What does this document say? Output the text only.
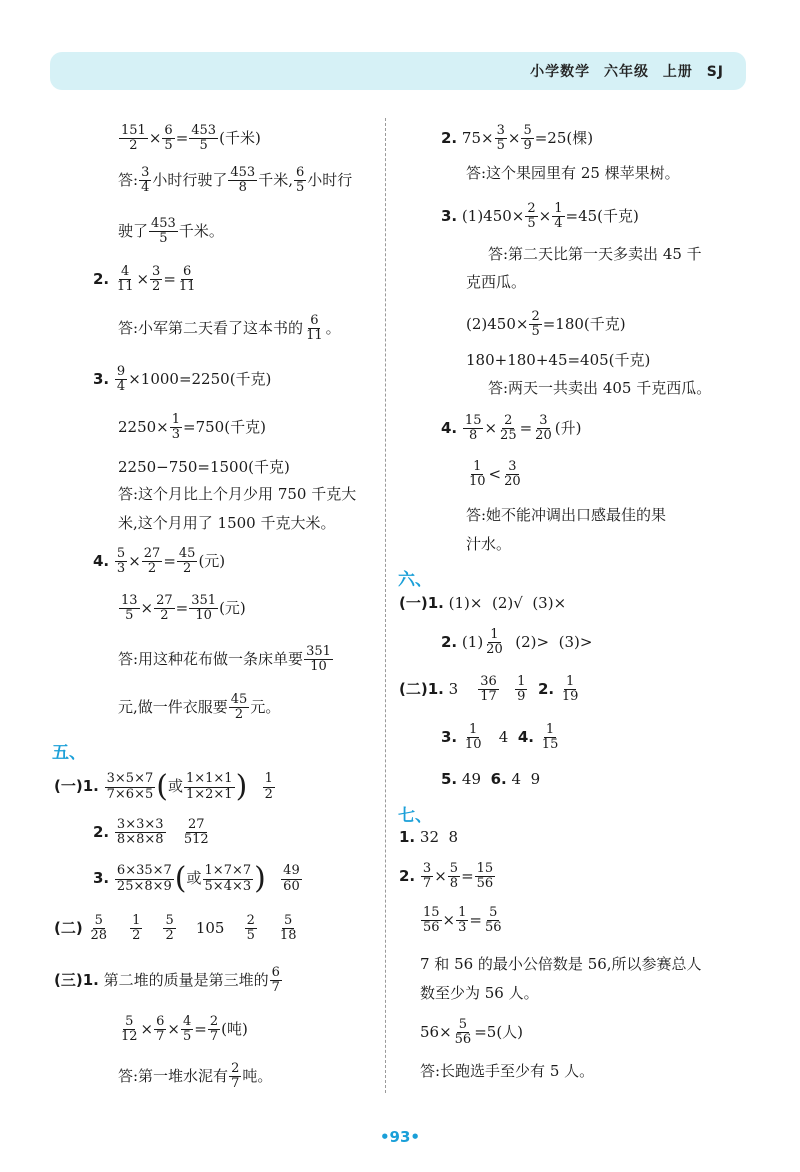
小学数学 六年级 上册 SJ
$\frac{151}{2} \times \frac{6}{5} = \frac{453}{5}$ (千米)
答: $\frac{3}{4}$ 小时行驶了 $\frac{453}{8}$ 千米, $\frac{6}{5}$ 小时行
驶了 $\frac{453}{5}$ 千米。
2. $\frac{4}{11} \times \frac{3}{2} = \frac{6}{11}$
答:小军第二天看了这本书的 $\frac{6}{11}$ 。
3. $\frac{9}{4} \times 1000=2250$(千克)
$2250\times \frac{1}{3} =750$(千克)
2250−750=1500(千克)
答:这个月比上个月少用 750 千克大
米,这个月用了 1500 千克大米。
4. $\frac{5}{3} \times \frac{27}{2} = \frac{45}{2}$ (元)
$\frac{13}{5} \times \frac{27}{2} = \frac{351}{10}$ (元)
答:用这种花布做一条床单要 $\frac{351}{10}$
元,做一件衣服要 $\frac{45}{2}$ 元。
五、
(一)1. $\frac{3\times 5\times 7}{7\times 6\times 5}$ (或 $\frac{1\times 1\times 1}{1\times 2\times 1}$ ) $\frac{1}{2}$
2. $\frac{3\times 3\times 3}{8\times 8\times 8}$
$\frac{27}{512}$
3. $\frac{6\times 35\times 7}{25\times 8\times 9}$ (或 $\frac{1\times 7\times 7}{5\times 4\times 3}$ ) $\frac{49}{60}$
(二) $\frac{5}{28}$
$\frac{1}{2}$
$\frac{5}{2} 105 \frac{2}{5}$
$\frac{5}{18}$
(三)1. 第二堆的质量是第三堆的 $\frac{6}{7}$
$\frac{5}{12} \times \frac{6}{7} \times \frac{4}{5} = \frac{2}{7}$ (吨)
答:第一堆水泥有 $\frac{2}{7}$ 吨。
2. $75\times \frac{3}{5} \times \frac{5}{9} =25$(棵)
答:这个果园里有 25 棵苹果树。
3. $(1)450\times \frac{2}{5} \times \frac{1}{4} =45$(千克)
答:第二天比第一天多卖出 45 千
克西瓜。
$(2)450\times \frac{2}{5} =180$(千克)
180+180+45=405(千克)
答:两天一共卖出 405 千克西瓜。
4. $\frac{15}{8} \times \frac{2}{25} = \frac{3}{20}$ (升)
$\frac{1}{10} < \frac{3}{20}$
答:她不能冲调出口感最佳的果
汁水。
六、
(一)1. (1)×  (2)√  (3)×
2. $(1) \frac{1}{20} (2)> (3)>$
(二)1. $3 \frac{36}{17}$
$\frac{1}{9} 2$. $\frac{1}{19}$
3. $\frac{1}{10} 4$ 4. $\frac{1}{15}$
5. 49 6. 4  9
七、
1. 32  8
2. $\frac{3}{7} \times \frac{5}{8} = \frac{15}{56}$
$\frac{15}{56} \times \frac{1}{3} = \frac{5}{56}$
7 和 56 的最小公倍数是 56,所以参赛总人
数至少为 56 人。
$56\times \frac{5}{56} =5$(人)
答:长跑选手至少有 5 人。
•93•
